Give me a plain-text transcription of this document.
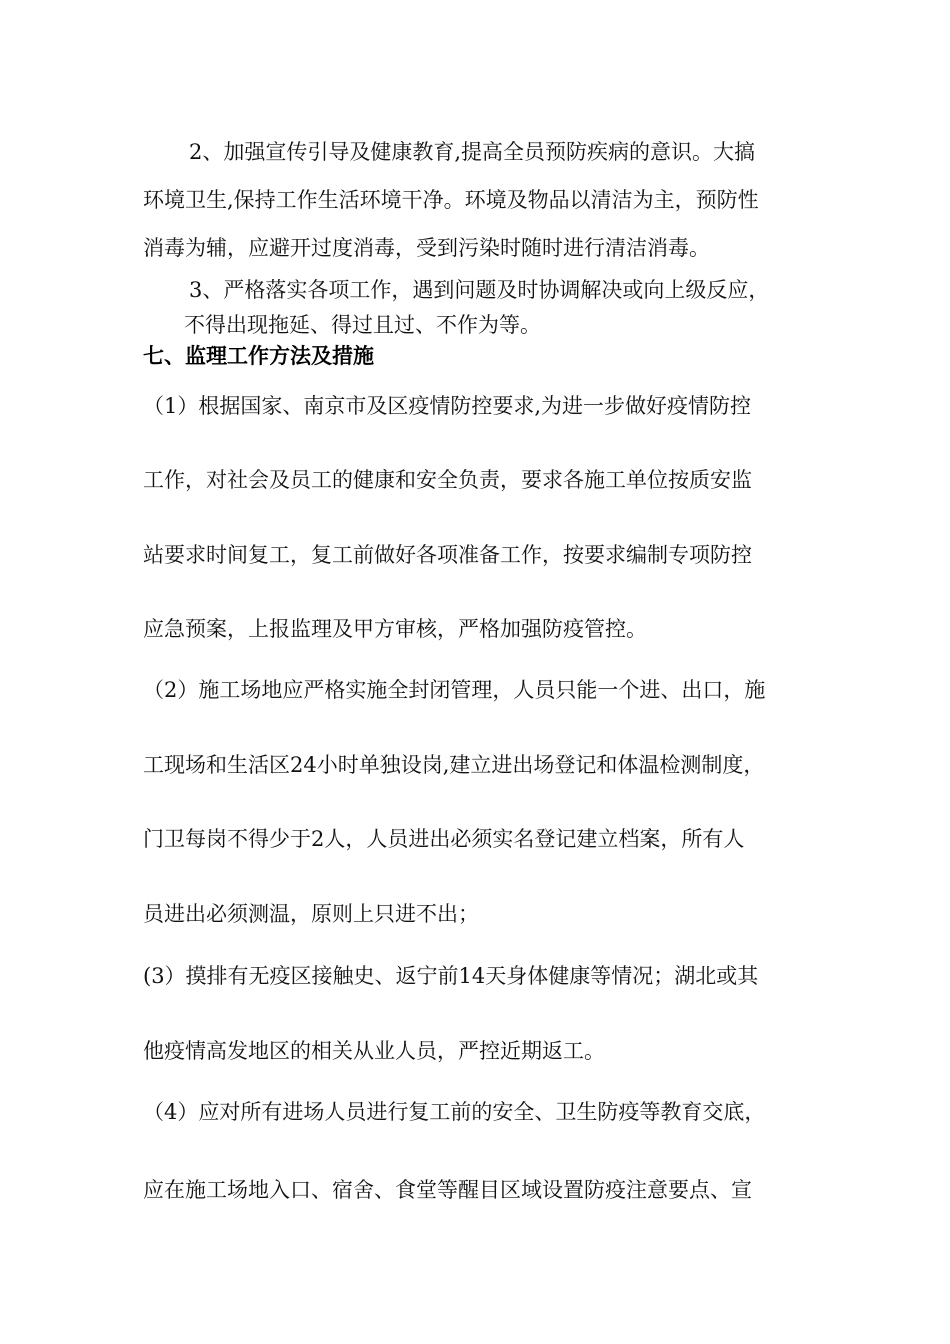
2、加强宣传引导及健康教育,提高全员预防疾病的意识。大搞
环境卫生,保持工作生活环境干净。环境及物品以清洁为主，预防性
消毒为辅，应避开过度消毒，受到污染时随时进行清洁消毒。
3、严格落实各项工作，遇到问题及时协调解决或向上级反应，
不得出现拖延、得过且过、不作为等。
七、监理工作方法及措施
（1）根据国家、南京市及区疫情防控要求,为进一步做好疫情防控
工作，对社会及员工的健康和安全负责，要求各施工单位按质安监
站要求时间复工，复工前做好各项准备工作，按要求编制专项防控
应急预案，上报监理及甲方审核，严格加强防疫管控。
（2）施工场地应严格实施全封闭管理，人员只能一个进、出口，施
工现场和生活区24小时单独设岗,建立进出场登记和体温检测制度，
门卫每岗不得少于2人，人员进出必须实名登记建立档案，所有人
员进出必须测温，原则上只进不出；
(3）摸排有无疫区接触史、返宁前14天身体健康等情况；湖北或其
他疫情高发地区的相关从业人员，严控近期返工。
（4）应对所有进场人员进行复工前的安全、卫生防疫等教育交底，
应在施工场地入口、宿舍、食堂等醒目区域设置防疫注意要点、宣
